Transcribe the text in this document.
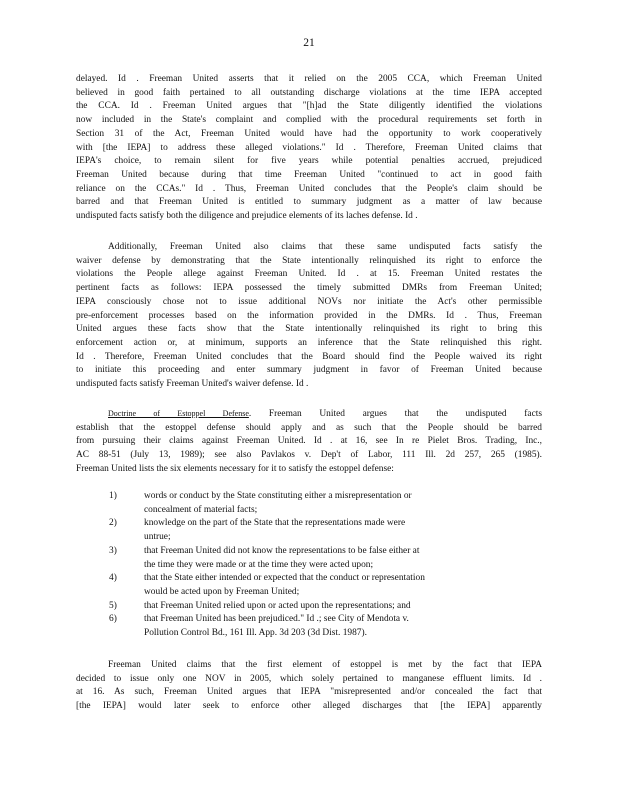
21

delayed. Id . Freeman United asserts that it relied on the 2005 CCA, which Freeman United

believed in good faith pertained to all outstanding discharge violations at the time IEPA accepted

the CCA. Id . Freeman United argues that "[h]ad the State diligently identified the violations

now included in the State's complaint and complied with the procedural requirements set forth in

Section 31 of the Act, Freeman United would have had the opportunity to work cooperatively

with [the IEPA] to address these alleged violations." Id . Therefore, Freeman United claims that

IEPA's choice, to remain silent for five years while potential penalties accrued, prejudiced

Freeman United because during that time Freeman United "continued to act in good faith

reliance on the CCAs." Id . Thus, Freeman United concludes that the People's claim should be

barred and that Freeman United is entitled to summary judgment as a matter of law because

undisputed facts satisfy both the diligence and prejudice elements of its laches defense. Id .

Additionally, Freeman United also claims that these same undisputed facts satisfy the

waiver defense by demonstrating that the State intentionally relinquished its right to enforce the

violations the People allege against Freeman United. Id . at 15. Freeman United restates the

pertinent facts as follows: IEPA possessed the timely submitted DMRs from Freeman United;

IEPA consciously chose not to issue additional NOVs nor initiate the Act's other permissible

pre-enforcement processes based on the information provided in the DMRs. Id . Thus, Freeman

United argues these facts show that the State intentionally relinquished its right to bring this

enforcement action or, at minimum, supports an inference that the State relinquished this right.

Id . Therefore, Freeman United concludes that the Board should find the People waived its right

to initiate this proceeding and enter summary judgment in favor of Freeman United because

undisputed facts satisfy Freeman United's waiver defense. Id .

Doctrine of Estoppel Defense. Freeman United argues that the undisputed facts

establish that the estoppel defense should apply and as such that the People should be barred

from pursuing their claims against Freeman United. Id . at 16, see In re Pielet Bros. Trading, Inc.,

AC 88-51 (July 13, 1989); see also Pavlakos v. Dep't of Labor, 111 Ill. 2d 257, 265 (1985).

Freeman United lists the six elements necessary for it to satisfy the estoppel defense:

1)	words or conduct by the State constituting either a misrepresentation or
concealment of material facts;
2)	knowledge on the part of the State that the representations made were
untrue;
3)	that Freeman United did not know the representations to be false either at
the time they were made or at the time they were acted upon;
4)	that the State either intended or expected that the conduct or representation
would be acted upon by Freeman United;
5)	that Freeman United relied upon or acted upon the representations; and
6)	that Freeman United has been prejudiced." Id .; see City of Mendota v.
Pollution Control Bd., 161 Ill. App. 3d 203 (3d Dist. 1987).

Freeman United claims that the first element of estoppel is met by the fact that IEPA

decided to issue only one NOV in 2005, which solely pertained to manganese effluent limits. Id .

at 16. As such, Freeman United argues that IEPA "misrepresented and/or concealed the fact that

[the IEPA] would later seek to enforce other alleged discharges that [the IEPA] apparently
